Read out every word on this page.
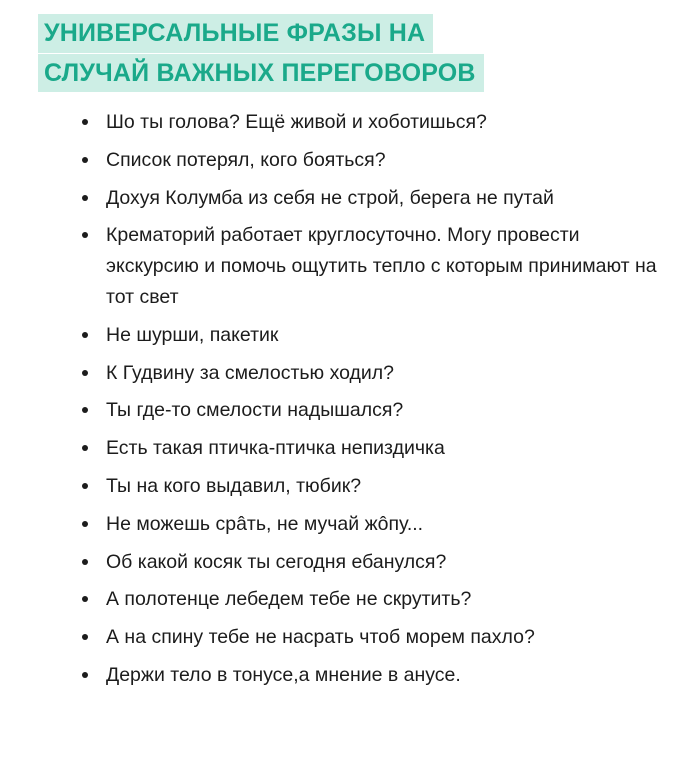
УНИВЕРСАЛЬНЫЕ ФРАЗЫ НА
СЛУЧАЙ ВАЖНЫХ ПЕРЕГОВОРОВ
Шо ты голова? Ещё живой и хоботишься?
Список потерял, кого бояться?
Дохуя Колумба из себя не строй, берега не путай
Крематорий работает круглосуточно. Могу провести экскурсию и помочь ощутить тепло с которым принимают на тот свет
Не шурши, пакетик
К Гудвину за смелостью ходил?
Ты где-то смелости надышался?
Есть такая птичка-птичка непиздичка
Ты на кого выдавил, тюбик?
Не можешь срâть, не мучай жôпу...
Об какой косяк ты сегодня ебанулся?
А полотенце лебедем тебе не скрутить?
А на спину тебе не насрать чтоб морем пахло?
Держи тело в тонусе,а мнение в анусе.
